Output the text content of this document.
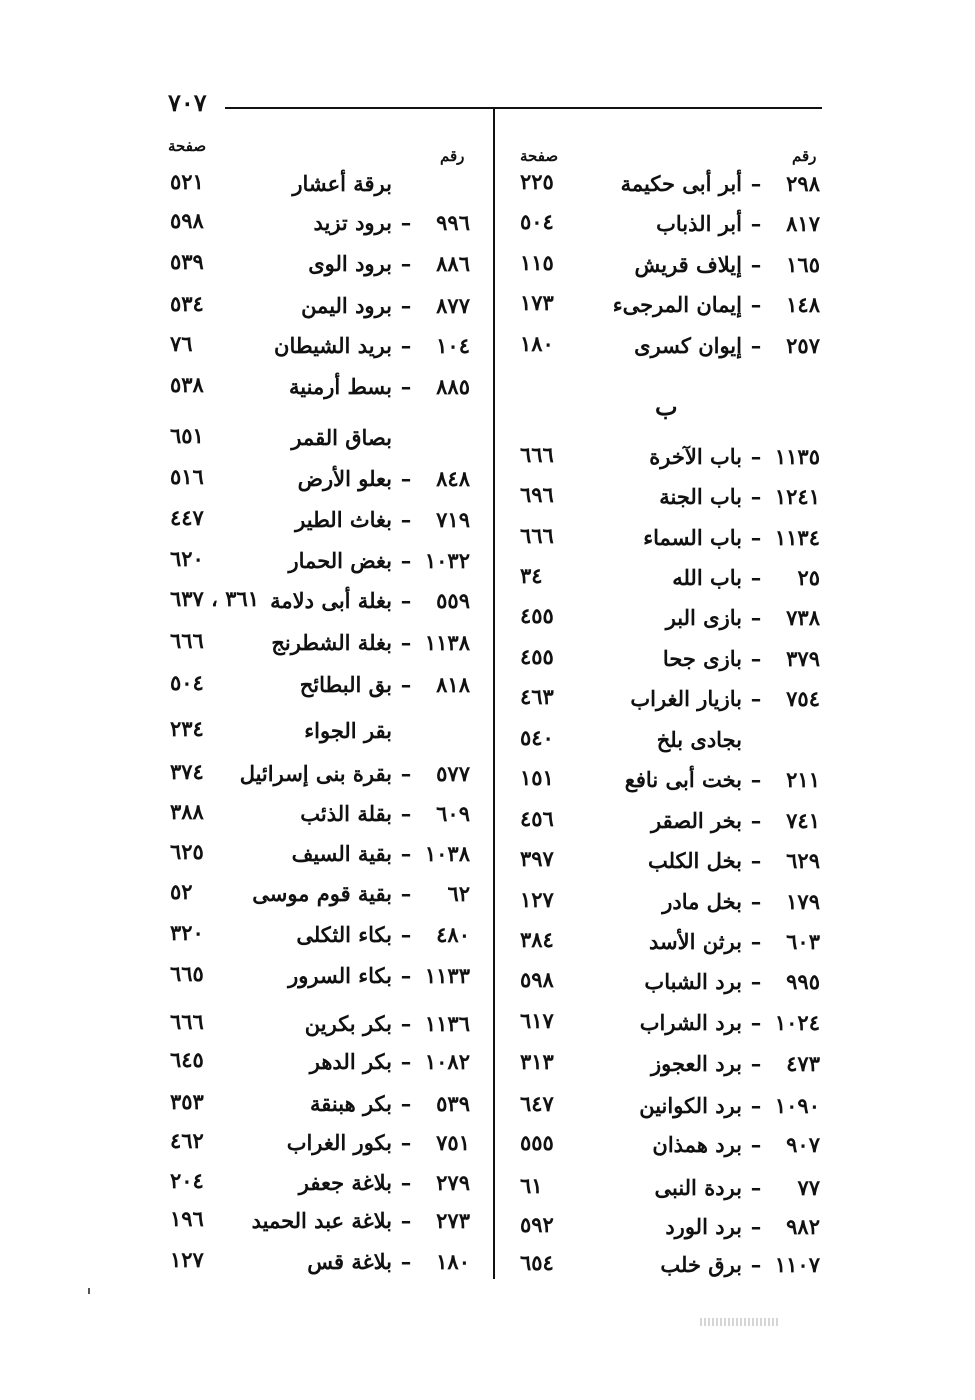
٧٠٧
صفحة
رقم	صفحة	رقم
ب
٢٩٨
–
أبر أبى حكيمة
٢٢٥
٨١٧
–
أبر الذباب
٥٠٤
١٦٥
–
إيلاف قريش
١١٥
١٤٨
–
إيمان المرجىء
١٧٣
٢٥٧
–
إيوان كسرى
١٨٠
١١٣٥
–
باب الآخرة
٦٦٦
١٢٤١
–
باب الجنة
٦٩٦
١١٣٤
–
باب السماء
٦٦٦
٢٥
–
باب الله
٣٤
٧٣٨
–
بازى البر
٤٥٥
٣٧٩
–
بازى جحا
٤٥٥
٧٥٤
–
بازيار الغراب
٤٦٣
بجادى بلخ
٥٤٠
٢١١
–
بخت أبى نافع
١٥١
٧٤١
–
بخر الصقر
٤٥٦
٦٢٩
–
بخل الكلب
٣٩٧
١٧٩
–
بخل مادر
١٢٧
٦٠٣
–
برثن الأسد
٣٨٤
٩٩٥
–
برد الشباب
٥٩٨
١٠٢٤
–
برد الشراب
٦١٧
٤٧٣
–
برد العجوز
٣١٣
١٠٩٠
–
برد الكوانين
٦٤٧
٩٠٧
–
برد همذان
٥٥٥
٧٧
–
بردة النبى
٦١
٩٨٢
–
برد الورد
٥٩٢
١١٠٧
–
برق خلب
٦٥٤
برقة أعشار
٥٢١
٩٩٦
–
برود تزيد
٥٩٨
٨٨٦
–
برود الوى
٥٣٩
٨٧٧
–
برود اليمن
٥٣٤
١٠٤
–
بريد الشيطان
٧٦
٨٨٥
–
بسط أرمنية
٥٣٨
بصاق القمر
٦٥١
٨٤٨
–
بعلو الأرض
٥١٦
٧١٩
–
بغاث الطير
٤٤٧
١٠٣٢
–
بغض الحمار
٦٢٠
٥٥٩
–
بغلة أبى دلامة
٣٦١ ، ٦٣٧
١١٣٨
–
بغلة الشطرنج
٦٦٦
٨١٨
–
بق البطائح
٥٠٤
بقر الجواء
٢٣٤
٥٧٧
–
بقرة بنى إسرائيل
٣٧٤
٦٠٩
–
بقلة الذئب
٣٨٨
١٠٣٨
–
بقية السيف
٦٢٥
٦٢
–
بقية قوم موسى
٥٢
٤٨٠
–
بكاء الثكلى
٣٢٠
١١٣٣
–
بكاء السرور
٦٦٥
١١٣٦
–
بكر بكرين
٦٦٦
١٠٨٢
–
بكر الدهر
٦٤٥
٥٣٩
–
بكر هبنقة
٣٥٣
٧٥١
–
بكور الغراب
٤٦٢
٢٧٩
–
بلاغة جعفر
٢٠٤
٢٧٣
–
بلاغة عبد الحميد
١٩٦
١٨٠
–
بلاغة قس
١٢٧
